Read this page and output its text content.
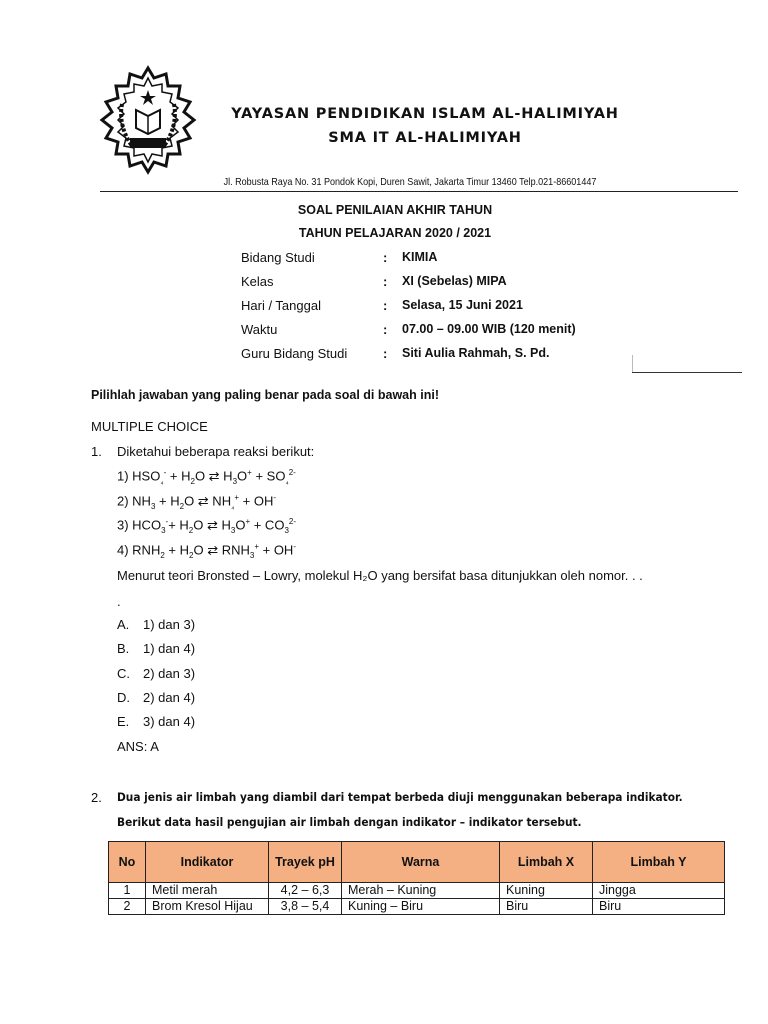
YAYASAN PENDIDIKAN ISLAM AL-HALIMIYAH
SMA IT AL-HALIMIYAH
Jl. Robusta Raya No. 31 Pondok Kopi, Duren Sawit, Jakarta Timur 13460 Telp.021-86601447
SOAL PENILAIAN AKHIR TAHUN
TAHUN PELAJARAN 2020 / 2021
Bidang Studi	: KIMIA
Kelas	: XI (Sebelas) MIPA
Hari / Tanggal	: Selasa, 15 Juni 2021
Waktu	: 07.00 – 09.00 WIB (120 menit)
Guru Bidang Studi	: Siti Aulia Rahmah, S. Pd.
Pilihlah jawaban yang paling benar pada soal di bawah ini!
MULTIPLE CHOICE
1. Diketahui beberapa reaksi berikut:
1) $HSO_{_4}^- + H_2O$ ⇄ $H_3O^+ + SO_{_4}^{2-}$
2) $NH_3 + H_2O$ ⇄ $NH_{_4}^+ + OH^-$
3) $HCO_3^-+ H_2O$ ⇄ $H_3O^+ + CO_3^{2-}$
4) $RNH_2 + H_2O$ ⇄ $RNH_3^+ + OH^-$
Menurut teori Bronsted – Lowry, molekul H₂O yang bersifat basa ditunjukkan oleh nomor. . .
.
A. 1) dan 3)
B. 1) dan 4)
C. 2) dan 3)
D. 2) dan 4)
E. 3) dan 4)
ANS: A
2. Dua jenis air limbah yang diambil dari tempat berbeda diuji menggunakan beberapa indikator.
Berikut data hasil pengujian air limbah dengan indikator – indikator tersebut.
No	Indikator	Trayek pH	Warna	Limbah X	Limbah Y
1	Metil merah	4,2 – 6,3	Merah – Kuning	Kuning	Jingga
2	Brom Kresol Hijau	3,8 – 5,4	Kuning – Biru	Biru	Biru
